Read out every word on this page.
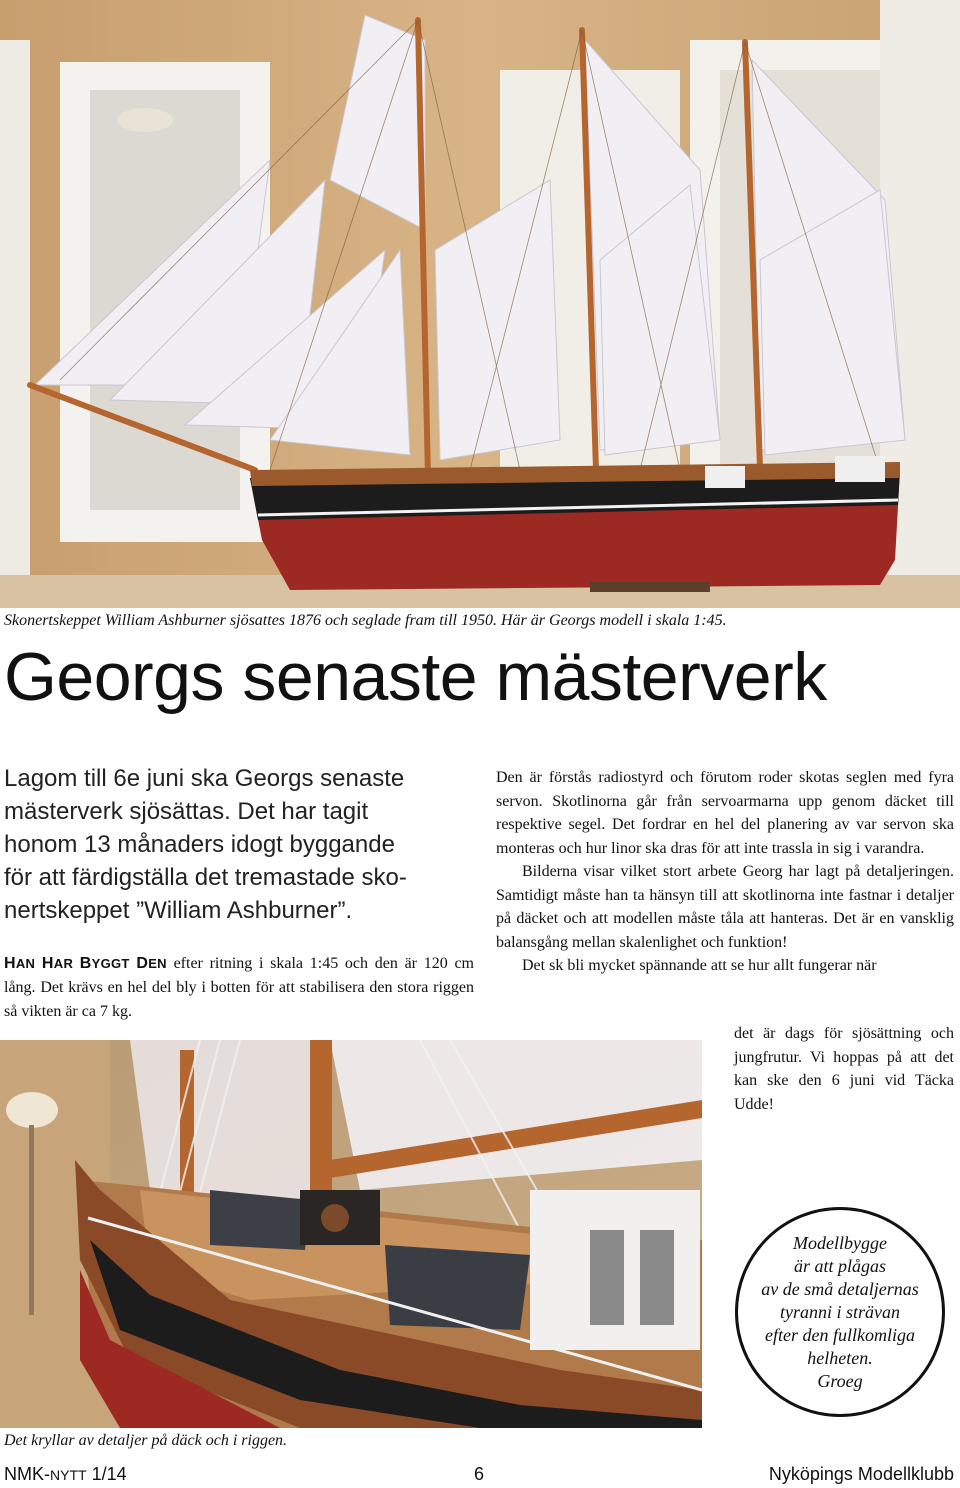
Skonertskeppet William Ashburner sjösattes 1876 och seglade fram till 1950. Här är Georgs modell i skala 1:45.
Georgs senaste mästerverk

Lagom till 6e juni ska Georgs senaste

mästerverk sjösättas. Det har tagit

honom 13 månaders idogt byggande

för att färdigställa det tremastade sko-

nertskeppet ”William Ashburner”.

HAN HAR BYGGT DEN efter ritning i skala 1:45 och den är 120 cm lång. Det krävs en hel del bly i botten för att stabilisera den stora riggen så vikten är ca 7 kg.

Den är förstås radiostyrd och förutom roder skotas seglen med fyra servon. Skotlinorna går från servoarmarna upp genom däcket till respektive segel. Det fordrar en hel del planering av var servon ska monteras och hur linor ska dras för att inte trassla in sig i varandra.

Bilderna visar vilket stort arbete Georg har lagt på detaljeringen. Samtidigt måste han ta hänsyn till att skotlinorna inte fastnar i detaljer på däcket och att modellen måste tåla att hanteras. Det är en vansklig balansgång mellan skalenlighet och funktion!

Det sk bli mycket spännande att se hur allt fungerar när

det är dags för sjösättning och jungfrutur. Vi hoppas på att det kan ske den 6 juni vid Täcka Udde!
Modellbygge
är att plågas
av de små detaljernas
tyranni i strävan
efter den fullkomliga
helheten.
Groeg
Det kryllar av detaljer på däck och i riggen.
NMK-NYTT 1/14	6	Nyköpings Modellklubb
